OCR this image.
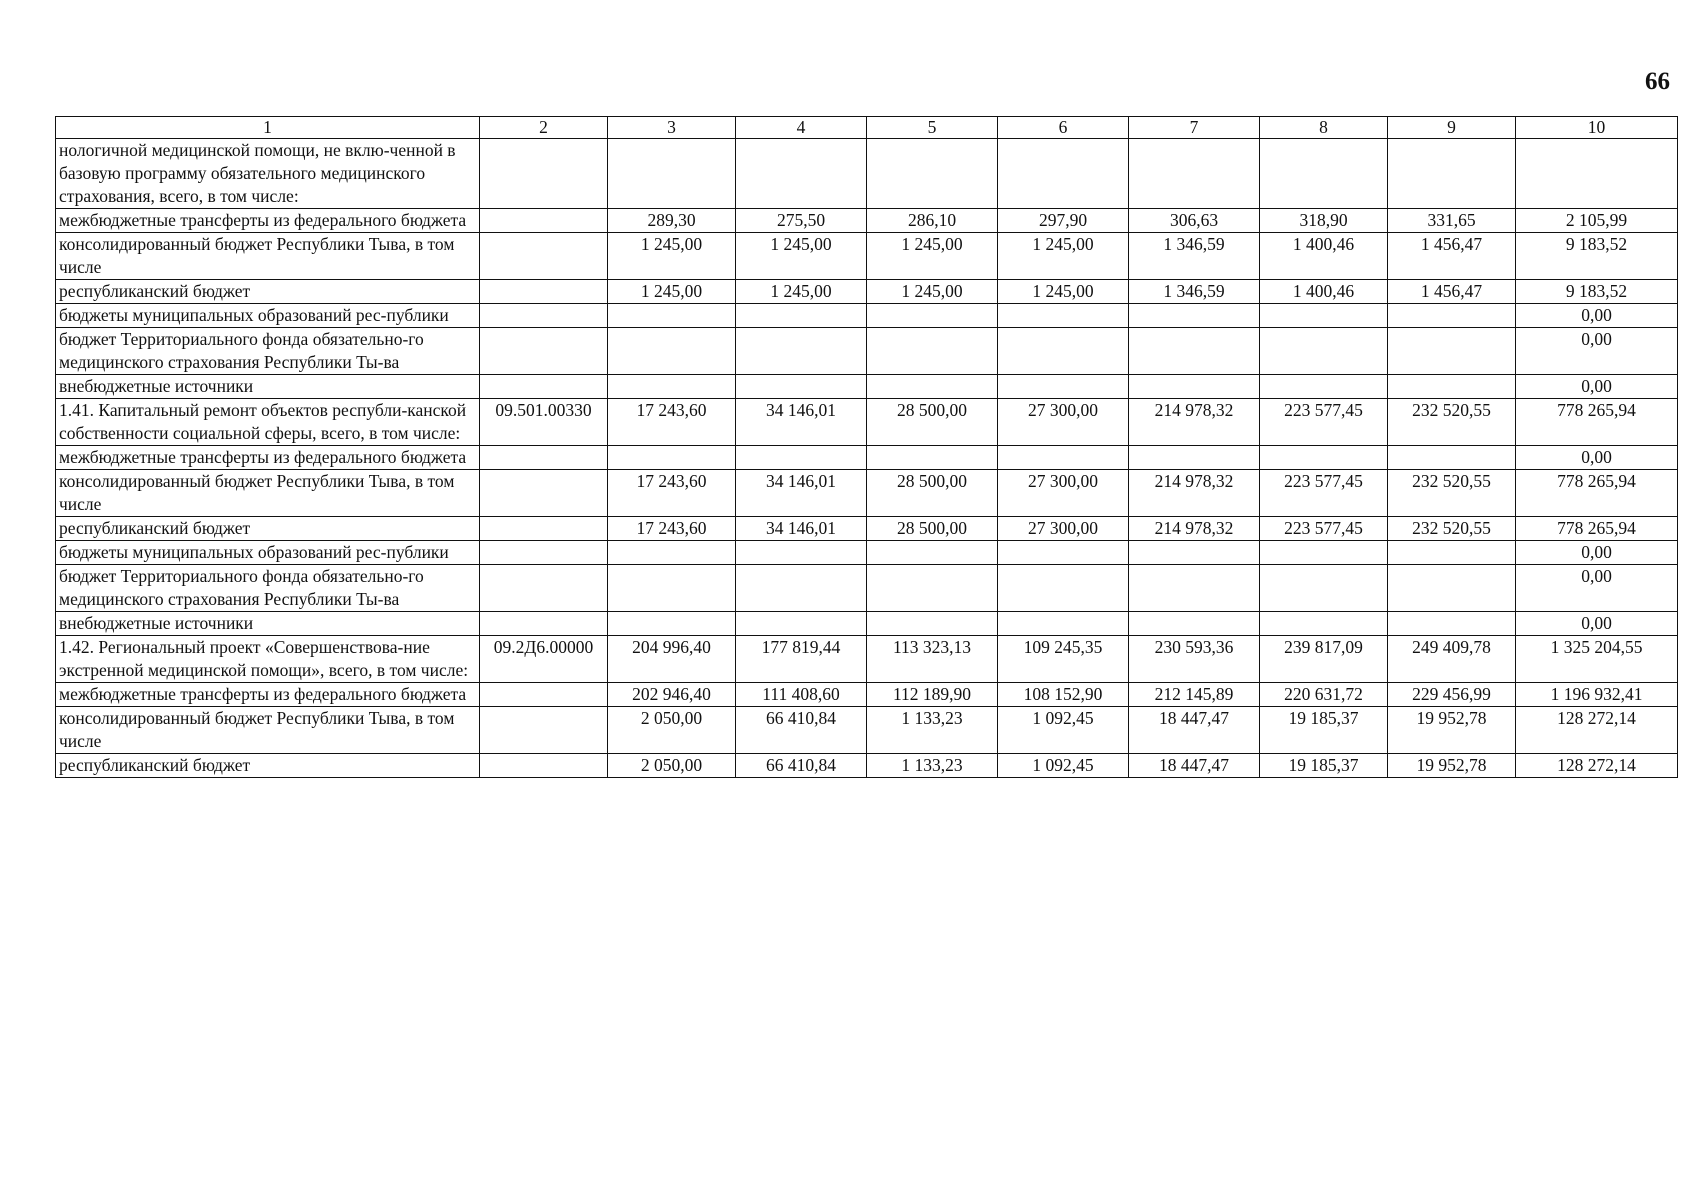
66
1	2	3	4	5	6	7	8	9	10
нологичной медицинской помощи, не вклю-ченной в базовую программу обязательного медицинского страхования, всего, в том числе:									
межбюджетные трансферты из федерального бюджета		289,30	275,50	286,10	297,90	306,63	318,90	331,65	2 105,99
консолидированный бюджет Республики Тыва, в том числе		1 245,00	1 245,00	1 245,00	1 245,00	1 346,59	1 400,46	1 456,47	9 183,52
республиканский бюджет		1 245,00	1 245,00	1 245,00	1 245,00	1 346,59	1 400,46	1 456,47	9 183,52
бюджеты муниципальных образований рес-публики									0,00
бюджет Территориального фонда обязательно-го медицинского страхования Республики Ты-ва									0,00
внебюджетные источники									0,00
1.41. Капитальный ремонт объектов республи-канской собственности социальной сферы, всего, в том числе:	09.501.00330	17 243,60	34 146,01	28 500,00	27 300,00	214 978,32	223 577,45	232 520,55	778 265,94
межбюджетные трансферты из федерального бюджета									0,00
консолидированный бюджет Республики Тыва, в том числе		17 243,60	34 146,01	28 500,00	27 300,00	214 978,32	223 577,45	232 520,55	778 265,94
республиканский бюджет		17 243,60	34 146,01	28 500,00	27 300,00	214 978,32	223 577,45	232 520,55	778 265,94
бюджеты муниципальных образований рес-публики									0,00
бюджет Территориального фонда обязательно-го медицинского страхования Республики Ты-ва									0,00
внебюджетные источники									0,00
1.42. Региональный проект «Совершенствова-ние экстренной медицинской помощи», всего, в том числе:	09.2Д6.00000	204 996,40	177 819,44	113 323,13	109 245,35	230 593,36	239 817,09	249 409,78	1 325 204,55
межбюджетные трансферты из федерального бюджета		202 946,40	111 408,60	112 189,90	108 152,90	212 145,89	220 631,72	229 456,99	1 196 932,41
консолидированный бюджет Республики Тыва, в том числе		2 050,00	66 410,84	1 133,23	1 092,45	18 447,47	19 185,37	19 952,78	128 272,14
республиканский бюджет		2 050,00	66 410,84	1 133,23	1 092,45	18 447,47	19 185,37	19 952,78	128 272,14
